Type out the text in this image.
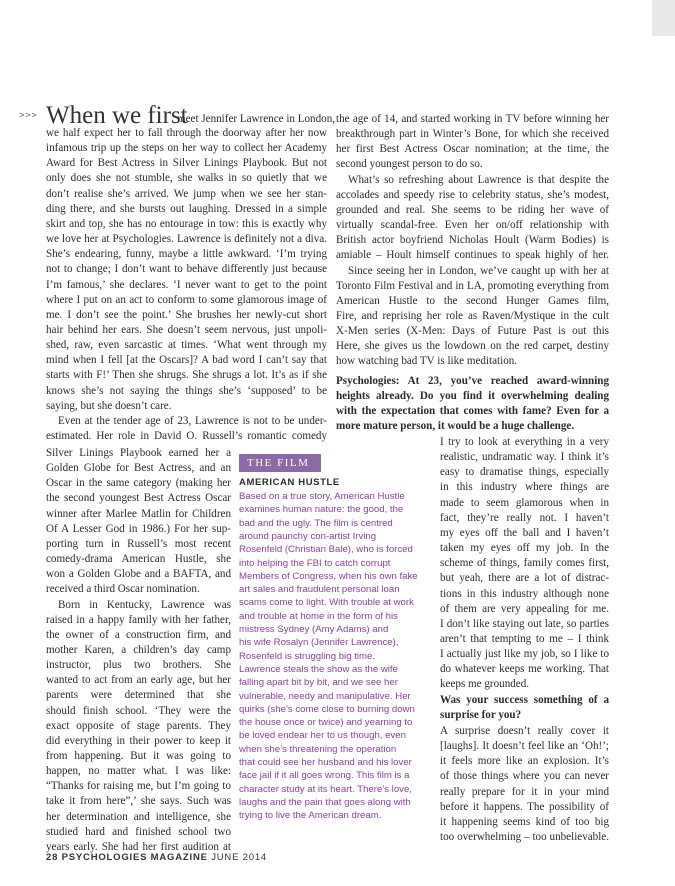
>>> When we first
meet Jennifer Lawrence in London,
we half expect her to fall through the doorway after her now
infamous trip up the steps on her way to collect her Academy
Award for Best Actress in Silver Linings Playbook. But not
only does she not stumble, she walks in so quietly that we
don’t realise she’s arrived. We jump when we see her stan-
ding there, and she bursts out laughing. Dressed in a simple
skirt and top, she has no entourage in tow: this is exactly why
we love her at Psychologies. Lawrence is definitely not a diva.
She’s endearing, funny, maybe a little awkward. ‘I’m trying
not to change; I don’t want to behave differently just because
I’m famous,’ she declares. ‘I never want to get to the point
where I put on an act to conform to some glamorous image of
me. I don’t see the point.’ She brushes her newly-cut short
hair behind her ears. She doesn’t seem nervous, just unpoli-
shed, raw, even sarcastic at times. ‘What went through my
mind when I fell [at the Oscars]? A bad word I can’t say that
starts with F!’ Then she shrugs. She shrugs a lot. It’s as if she
knows she’s not saying the things she’s ‘supposed’ to be
saying, but she doesn’t care.
Even at the tender age of 23, Lawrence is not to be under-
estimated. Her role in David O. Russell’s romantic comedy
Silver Linings Playbook earned her a
Golden Globe for Best Actress, and an
Oscar in the same category (making her
the second youngest Best Actress Oscar
winner after Marlee Matlin for Children
Of A Lesser God in 1986.) For her sup-
porting turn in Russell’s most recent
comedy-drama American Hustle, she
won a Golden Globe and a BAFTA, and
received a third Oscar nomination.
Born in Kentucky, Lawrence was
raised in a happy family with her father,
the owner of a construction firm, and
mother Karen, a children’s day camp
instructor, plus two brothers. She
wanted to act from an early age, but her
parents were determined that she
should finish school. ‘They were the
exact opposite of stage parents. They
did everything in their power to keep it
from happening. But it was going to
happen, no matter what. I was like:
“Thanks for raising me, but I’m going to
take it from here”,’ she says. Such was
her determination and intelligence, she
studied hard and finished school two
years early. She had her first audition at
the age of 14, and started working in TV before winning her
breakthrough part in Winter’s Bone, for which she received
her first Best Actress Oscar nomination; at the time, the
second youngest person to do so.
What’s so refreshing about Lawrence is that despite the
accolades and speedy rise to celebrity status, she’s modest,
grounded and real. She seems to be riding her wave of
virtually scandal-free. Even her on/off relationship with
British actor boyfriend Nicholas Hoult (Warm Bodies) is
amiable – Hoult himself continues to speak highly of her.
Since seeing her in London, we’ve caught up with her at
Toronto Film Festival and in LA, promoting everything from
American Hustle to the second Hunger Games film,
Fire, and reprising her role as Raven/Mystique in the cult
X-Men series (X-Men: Days of Future Past is out this
Here, she gives us the lowdown on the red carpet, destiny
how watching bad TV is like meditation.
Psychologies: At 23, you’ve reached award-winning
heights already. Do you find it overwhelming dealing
with the expectation that comes with fame? Even for a
more mature person, it would be a huge challenge.
I try to look at everything in a very
realistic, undramatic way. I think it’s
easy to dramatise things, especially
in this industry where things are
made to seem glamorous when in
fact, they’re really not. I haven’t
my eyes off the ball and I haven’t
taken my eyes off my job. In the
scheme of things, family comes first,
but yeah, there are a lot of distrac-
tions in this industry although none
of them are very appealing for me.
I don’t like staying out late, so parties
aren’t that tempting to me – I think
I actually just like my job, so I like to
do whatever keeps me working. That
keeps me grounded.
Was your success something of a
surprise for you?
A surprise doesn’t really cover it
[laughs]. It doesn’t feel like an ‘Oh!’;
it feels more like an explosion. It’s
of those things where you can never
really prepare for it in your mind
before it happens. The possibility of
it happening seems kind of too big
too overwhelming – too unbelievable.
THE FILM
AMERICAN HUSTLE
Based on a true story, American Hustle
examines human nature: the good, the
bad and the ugly. The film is centred
around paunchy con-artist Irving
Rosenfeld (Christian Bale), who is forced
into helping the FBI to catch corrupt
Members of Congress, when his own fake
art sales and fraudulent personal loan
scams come to light. With trouble at work
and trouble at home in the form of his
mistress Sydney (Amy Adams) and
his wife Rosalyn (Jennifer Lawrence),
Rosenfeld is struggling big time.
Lawrence steals the show as the wife
falling apart bit by bit, and we see her
vulnerable, needy and manipulative. Her
quirks (she’s come close to burning down
the house once or twice) and yearning to
be loved endear her to us though, even
when she’s threatening the operation
that could see her husband and his lover
face jail if it all goes wrong. This film is a
character study at its heart. There’s love,
laughs and the pain that goes along with
trying to live the American dream.
28 PSYCHOLOGIES MAGAZINE JUNE 2014
